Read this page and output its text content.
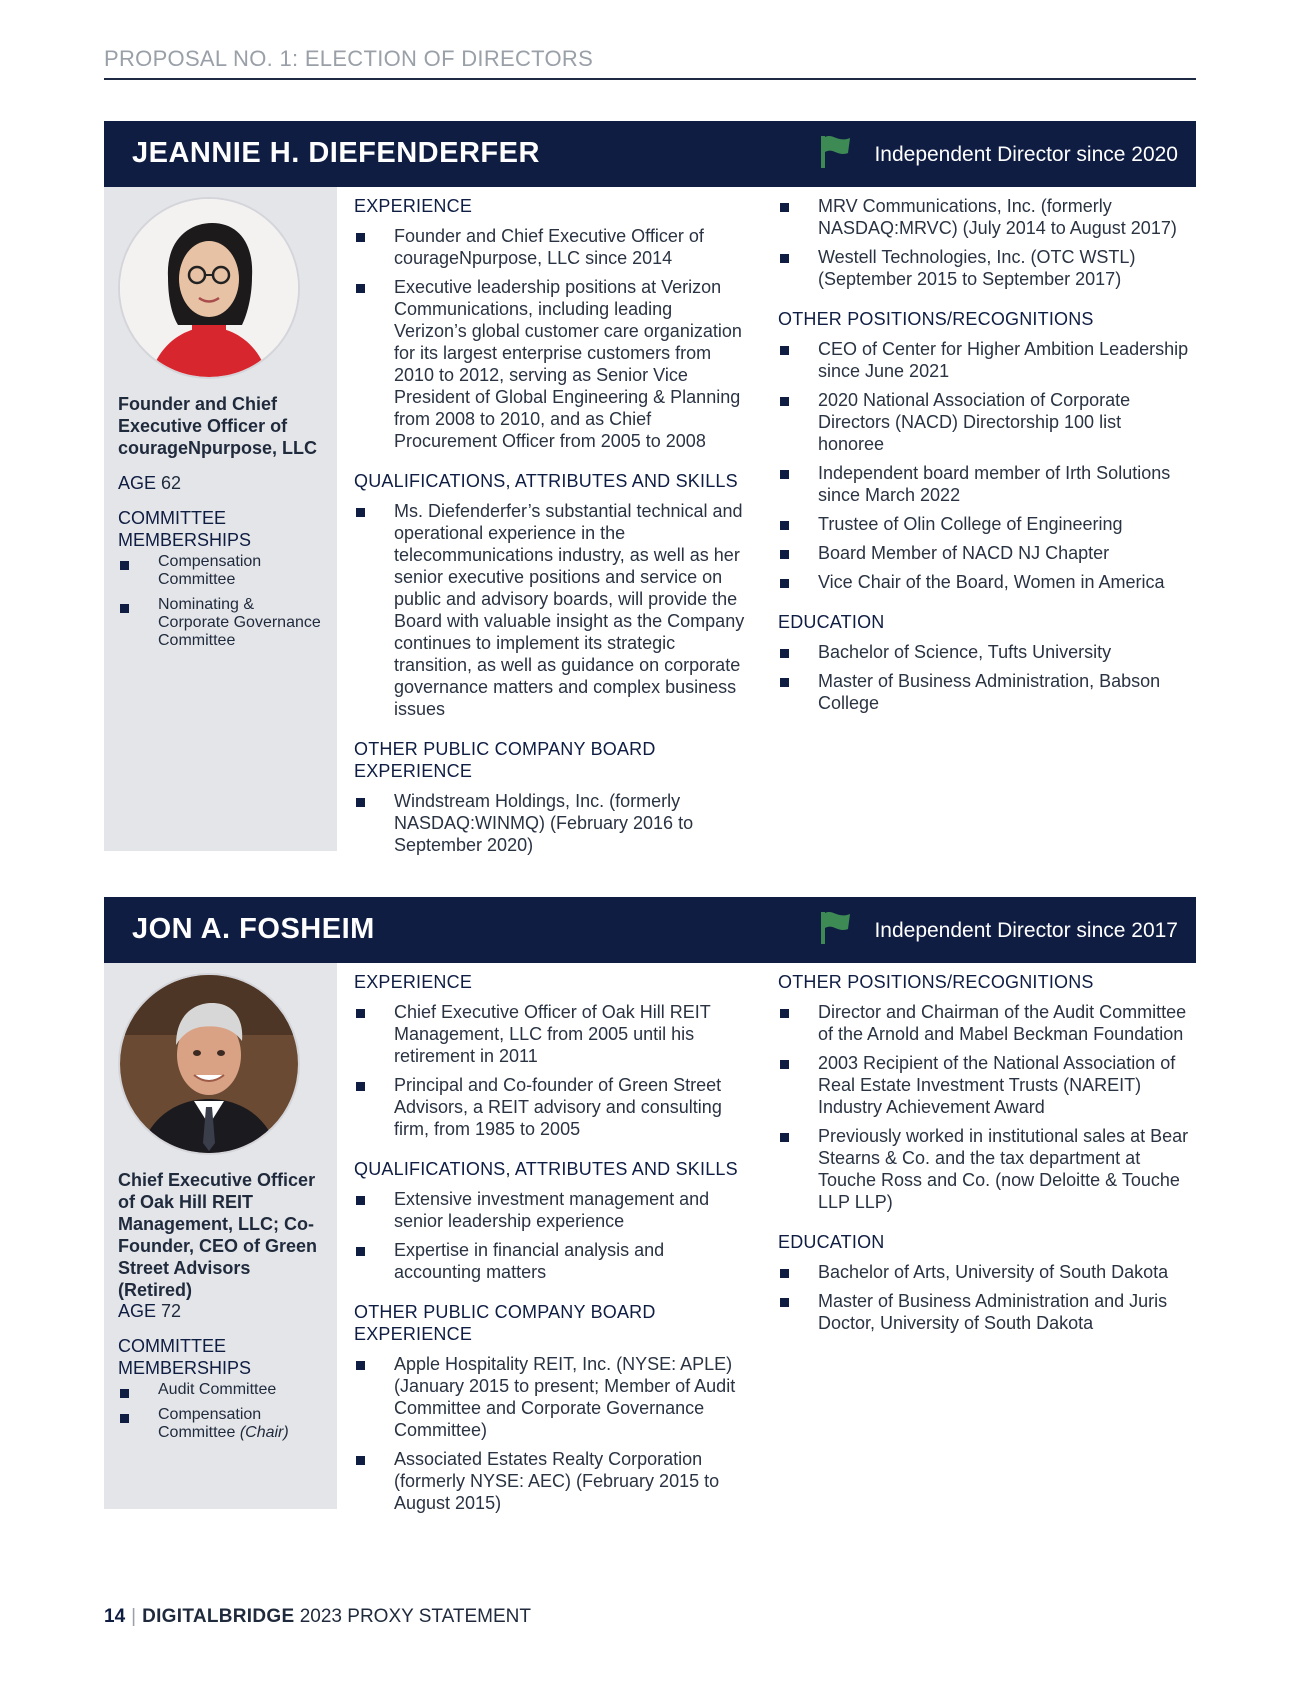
PROPOSAL NO. 1: ELECTION OF DIRECTORS
JEANNIE H. DIEFENDERFER	Independent Director since 2020
Founder and Chief Executive Officer of courageNpurpose, LLC
AGE 62
COMMITTEE MEMBERSHIPS
Compensation Committee
Nominating & Corporate Governance Committee
EXPERIENCE
Founder and Chief Executive Officer of courageNpurpose, LLC since 2014
Executive leadership positions at Verizon Communications, including leading Verizon’s global customer care organization for its largest enterprise customers from 2010 to 2012, serving as Senior Vice President of Global Engineering & Planning from 2008 to 2010, and as Chief Procurement Officer from 2005 to 2008
QUALIFICATIONS, ATTRIBUTES AND SKILLS
Ms. Diefenderfer’s substantial technical and operational experience in the telecommunications industry, as well as her senior executive positions and service on public and advisory boards, will provide the Board with valuable insight as the Company continues to implement its strategic transition, as well as guidance on corporate governance matters and complex business issues
OTHER PUBLIC COMPANY BOARD EXPERIENCE
Windstream Holdings, Inc. (formerly NASDAQ:WINMQ) (February 2016 to September 2020)
MRV Communications, Inc. (formerly NASDAQ:MRVC) (July 2014 to August 2017)
Westell Technologies, Inc. (OTC WSTL) (September 2015 to September 2017)
OTHER POSITIONS/RECOGNITIONS
CEO of Center for Higher Ambition Leadership since June 2021
2020 National Association of Corporate Directors (NACD) Directorship 100 list honoree
Independent board member of Irth Solutions since March 2022
Trustee of Olin College of Engineering
Board Member of NACD NJ Chapter
Vice Chair of the Board, Women in America
EDUCATION
Bachelor of Science, Tufts University
Master of Business Administration, Babson College
JON A. FOSHEIM	Independent Director since 2017
Chief Executive Officer of Oak Hill REIT Management, LLC; Co-Founder, CEO of Green Street Advisors (Retired)
AGE 72
COMMITTEE MEMBERSHIPS
Audit Committee
Compensation Committee (Chair)
EXPERIENCE
Chief Executive Officer of Oak Hill REIT Management, LLC from 2005 until his retirement in 2011
Principal and Co-founder of Green Street Advisors, a REIT advisory and consulting firm, from 1985 to 2005
QUALIFICATIONS, ATTRIBUTES AND SKILLS
Extensive investment management and senior leadership experience
Expertise in financial analysis and accounting matters
OTHER PUBLIC COMPANY BOARD EXPERIENCE
Apple Hospitality REIT, Inc. (NYSE: APLE) (January 2015 to present; Member of Audit Committee and Corporate Governance Committee)
Associated Estates Realty Corporation (formerly NYSE: AEC) (February 2015 to August 2015)
OTHER POSITIONS/RECOGNITIONS
Director and Chairman of the Audit Committee of the Arnold and Mabel Beckman Foundation
2003 Recipient of the National Association of Real Estate Investment Trusts (NAREIT) Industry Achievement Award
Previously worked in institutional sales at Bear Stearns & Co. and the tax department at Touche Ross and Co. (now Deloitte & Touche LLP LLP)
EDUCATION
Bachelor of Arts, University of South Dakota
Master of Business Administration and Juris Doctor, University of South Dakota
14 | DIGITALBRIDGE 2023 PROXY STATEMENT
